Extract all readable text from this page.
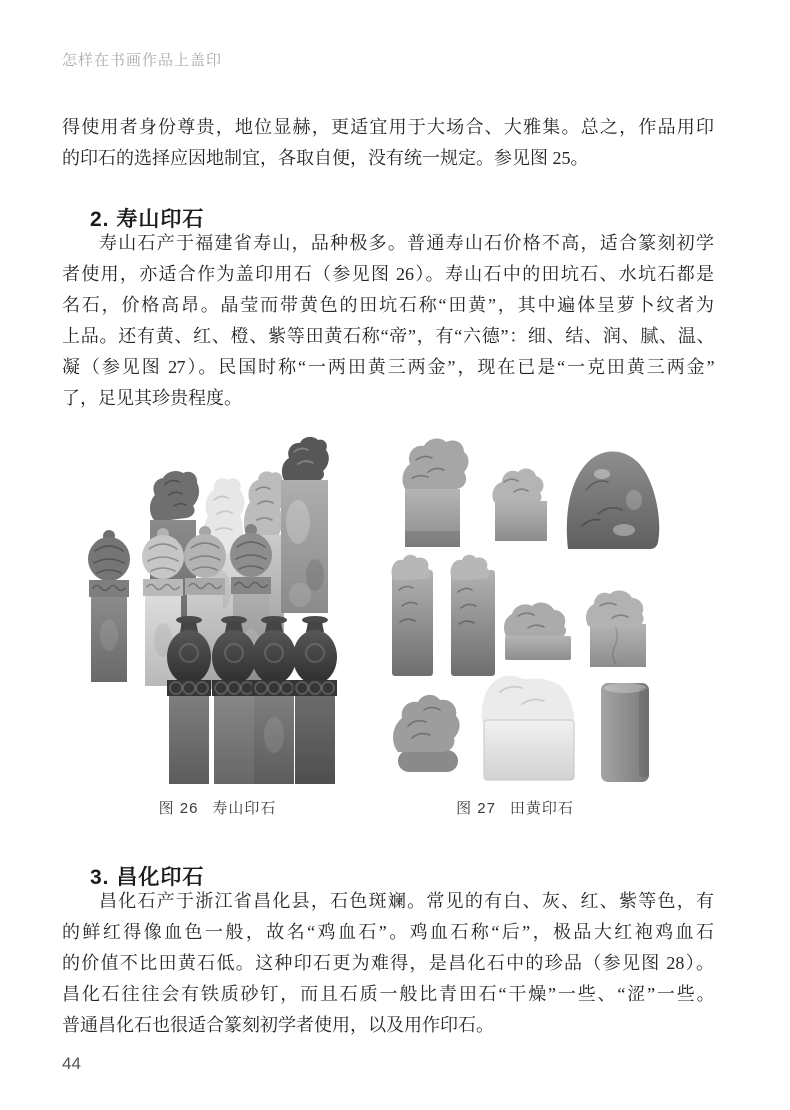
怎样在书画作品上盖印
得使用者身份尊贵，地位显赫，更适宜用于大场合、大雅集。总之，作品用印
的印石的选择应因地制宜，各取自便，没有统一规定。参见图 25。
2. 寿山印石
寿山石产于福建省寿山，品种极多。普通寿山石价格不高，适合篆刻初学
者使用，亦适合作为盖印用石（参见图 26）。寿山石中的田坑石、水坑石都是
名石，价格高昂。晶莹而带黄色的田坑石称“田黄”，其中遍体呈萝卜纹者为
上品。还有黄、红、橙、紫等田黄石称“帝”，有“六德”：细、结、润、腻、温、
凝（参见图 27）。民国时称“一两田黄三两金”，现在已是“一克田黄三两金”
了，足见其珍贵程度。
图 26 寿山印石	图 27 田黄印石
3. 昌化印石
昌化石产于浙江省昌化县，石色斑斓。常见的有白、灰、红、紫等色，有
的鲜红得像血色一般，故名“鸡血石”。鸡血石称“后”，极品大红袍鸡血石
的价值不比田黄石低。这种印石更为难得，是昌化石中的珍品（参见图 28）。
昌化石往往会有铁质砂钉，而且石质一般比青田石“干燥”一些、“涩”一些。
普通昌化石也很适合篆刻初学者使用，以及用作印石。
44
